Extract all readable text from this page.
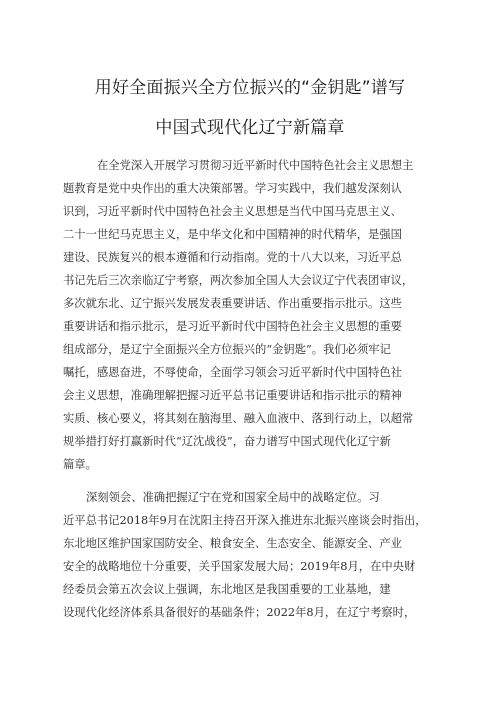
用好全面振兴全方位振兴的“金钥匙”谱写
中国式现代化辽宁新篇章
在全党深入开展学习贯彻习近平新时代中国特色社会主义思想主
题教育是党中央作出的重大决策部署。学习实践中，我们越发深刻认
识到，习近平新时代中国特色社会主义思想是当代中国马克思主义、
二十一世纪马克思主义，是中华文化和中国精神的时代精华，是强国
建设、民族复兴的根本遵循和行动指南。党的十八大以来，习近平总
书记先后三次亲临辽宁考察，两次参加全国人大会议辽宁代表团审议，
多次就东北、辽宁振兴发展发表重要讲话、作出重要指示批示。这些
重要讲话和指示批示，是习近平新时代中国特色社会主义思想的重要
组成部分，是辽宁全面振兴全方位振兴的“金钥匙”。我们必须牢记
嘱托，感恩奋进，不辱使命，全面学习领会习近平新时代中国特色社
会主义思想，准确理解把握习近平总书记重要讲话和指示批示的精神
实质、核心要义，将其刻在脑海里、融入血液中、落到行动上，以超常
规举措打好打赢新时代“辽沈战役”，奋力谱写中国式现代化辽宁新
篇章。
深刻领会、准确把握辽宁在党和国家全局中的战略定位。习
近平总书记2018年9月在沈阳主持召开深入推进东北振兴座谈会时指出，
东北地区维护国家国防安全、粮食安全、生态安全、能源安全、产业
安全的战略地位十分重要，关乎国家发展大局；2019年8月，在中央财
经委员会第五次会议上强调，东北地区是我国重要的工业基地，建
设现代化经济体系具备很好的基础条件；2022年8月，在辽宁考察时，
